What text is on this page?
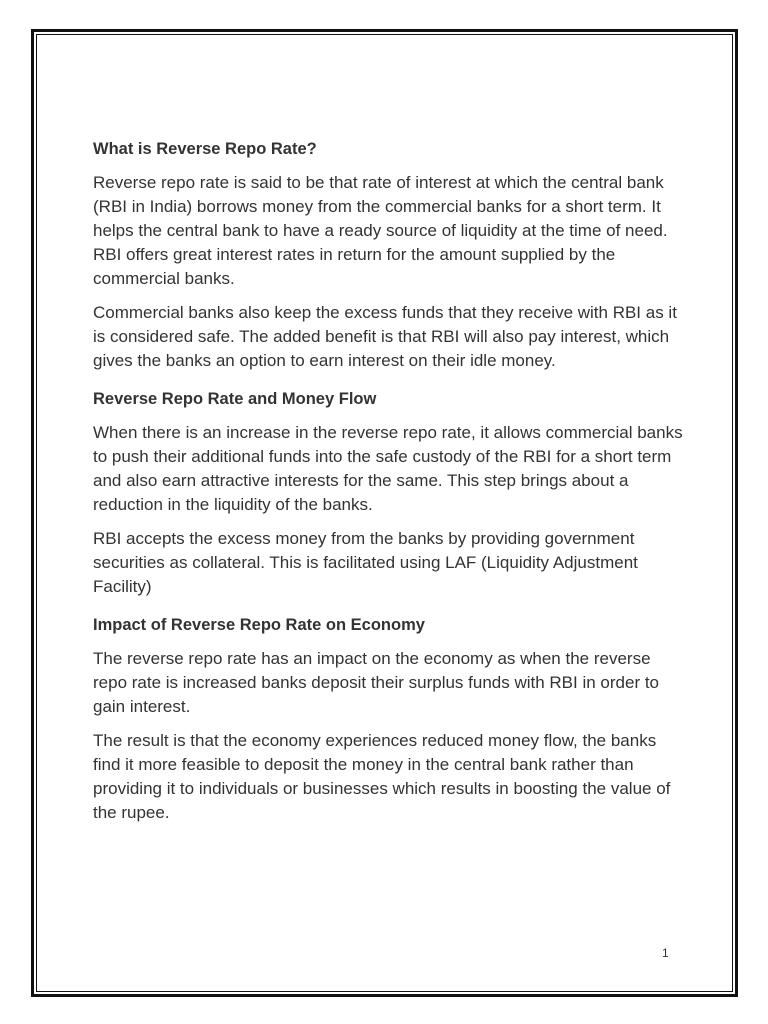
What is Reverse Repo Rate?

Reverse repo rate is said to be that rate of interest at which the central bank (RBI in India) borrows money from the commercial banks for a short term. It helps the central bank to have a ready source of liquidity at the time of need. RBI offers great interest rates in return for the amount supplied by the commercial banks.

Commercial banks also keep the excess funds that they receive with RBI as it is considered safe. The added benefit is that RBI will also pay interest, which gives the banks an option to earn interest on their idle money.

Reverse Repo Rate and Money Flow

When there is an increase in the reverse repo rate, it allows commercial banks to push their additional funds into the safe custody of the RBI for a short term and also earn attractive interests for the same. This step brings about a reduction in the liquidity of the banks.

RBI accepts the excess money from the banks by providing government securities as collateral. This is facilitated using LAF (Liquidity Adjustment Facility)

Impact of Reverse Repo Rate on Economy

The reverse repo rate has an impact on the economy as when the reverse repo rate is increased banks deposit their surplus funds with RBI in order to gain interest.

The result is that the economy experiences reduced money flow, the banks find it more feasible to deposit the money in the central bank rather than providing it to individuals or businesses which results in boosting the value of the rupee.

1
